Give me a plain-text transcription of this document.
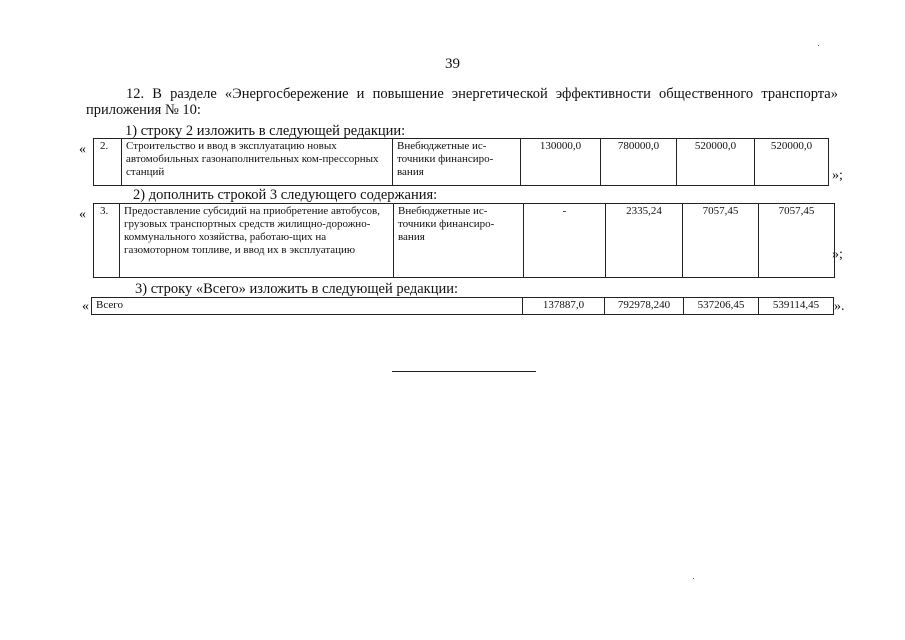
39
12. В разделе «Энергосбережение и повышение энергетической эффективности общественного транспорта» приложения № 10:
1) строку 2 изложить в следующей редакции:
« 2.	Строительство и ввод в эксплуатацию новых автомобильных газонаполнительных ком-прессорных станций	Внебюджетные ис-точники финансиро-вания	130000,0	780000,0	520000,0	520000,0
»;
2) дополнить строкой 3 следующего содержания:
« 3.	Предоставление субсидий на приобретение автобусов, грузовых транспортных средств жилищно-дорожно-коммунального хозяйства, работаю-щих на газомоторном топливе, и ввод их в эксплуатацию	Внебюджетные ис-точники финансиро-вания	-	2335,24	7057,45	7057,45
»;
3) строку «Всего» изложить в следующей редакции:
« Всего	137887,0	792978,240	537206,45	539114,45 ».
